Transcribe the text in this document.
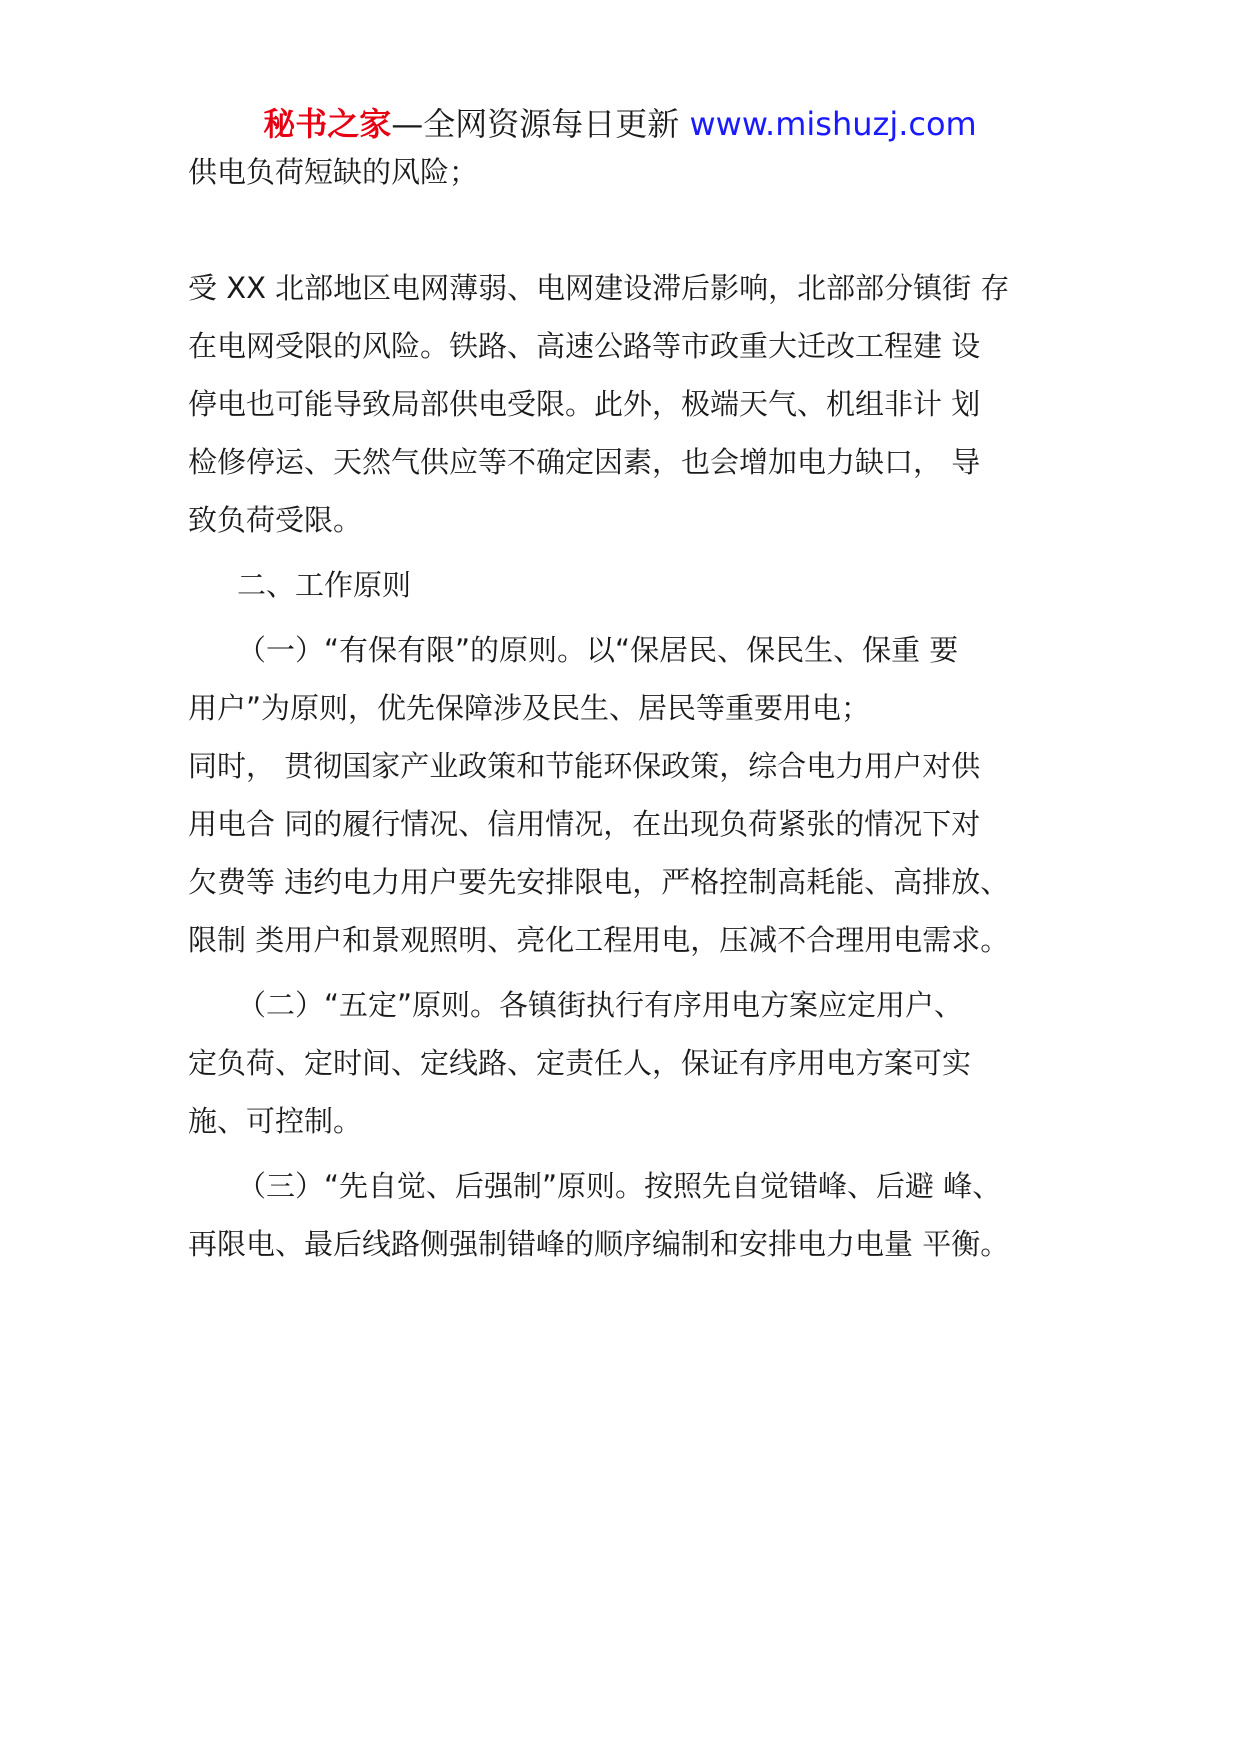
秘书之家—全网资源每日更新 www.mishuzj.com
供电负荷短缺的风险；
受 XX 北部地区电网薄弱、电网建设滞后影响，北部部分镇街 存
在电网受限的风险。铁路、高速公路等市政重大迁改工程建 设
停电也可能导致局部供电受限。此外，极端天气、机组非计 划
检修停运、天然气供应等不确定因素，也会增加电力缺口， 导
致负荷受限。
二、工作原则
（一）“有保有限”的原则。以“保居民、保民生、保重 要
用户”为原则，优先保障涉及民生、居民等重要用电；
同时， 贯彻国家产业政策和节能环保政策，综合电力用户对供
用电合 同的履行情况、信用情况，在出现负荷紧张的情况下对
欠费等 违约电力用户要先安排限电，严格控制高耗能、高排放、
限制 类用户和景观照明、亮化工程用电，压减不合理用电需求。
（二）“五定”原则。各镇街执行有序用电方案应定用户、
定负荷、定时间、定线路、定责任人，保证有序用电方案可实
施、可控制。
（三）“先自觉、后强制”原则。按照先自觉错峰、后避 峰、
再限电、最后线路侧强制错峰的顺序编制和安排电力电量 平衡。
